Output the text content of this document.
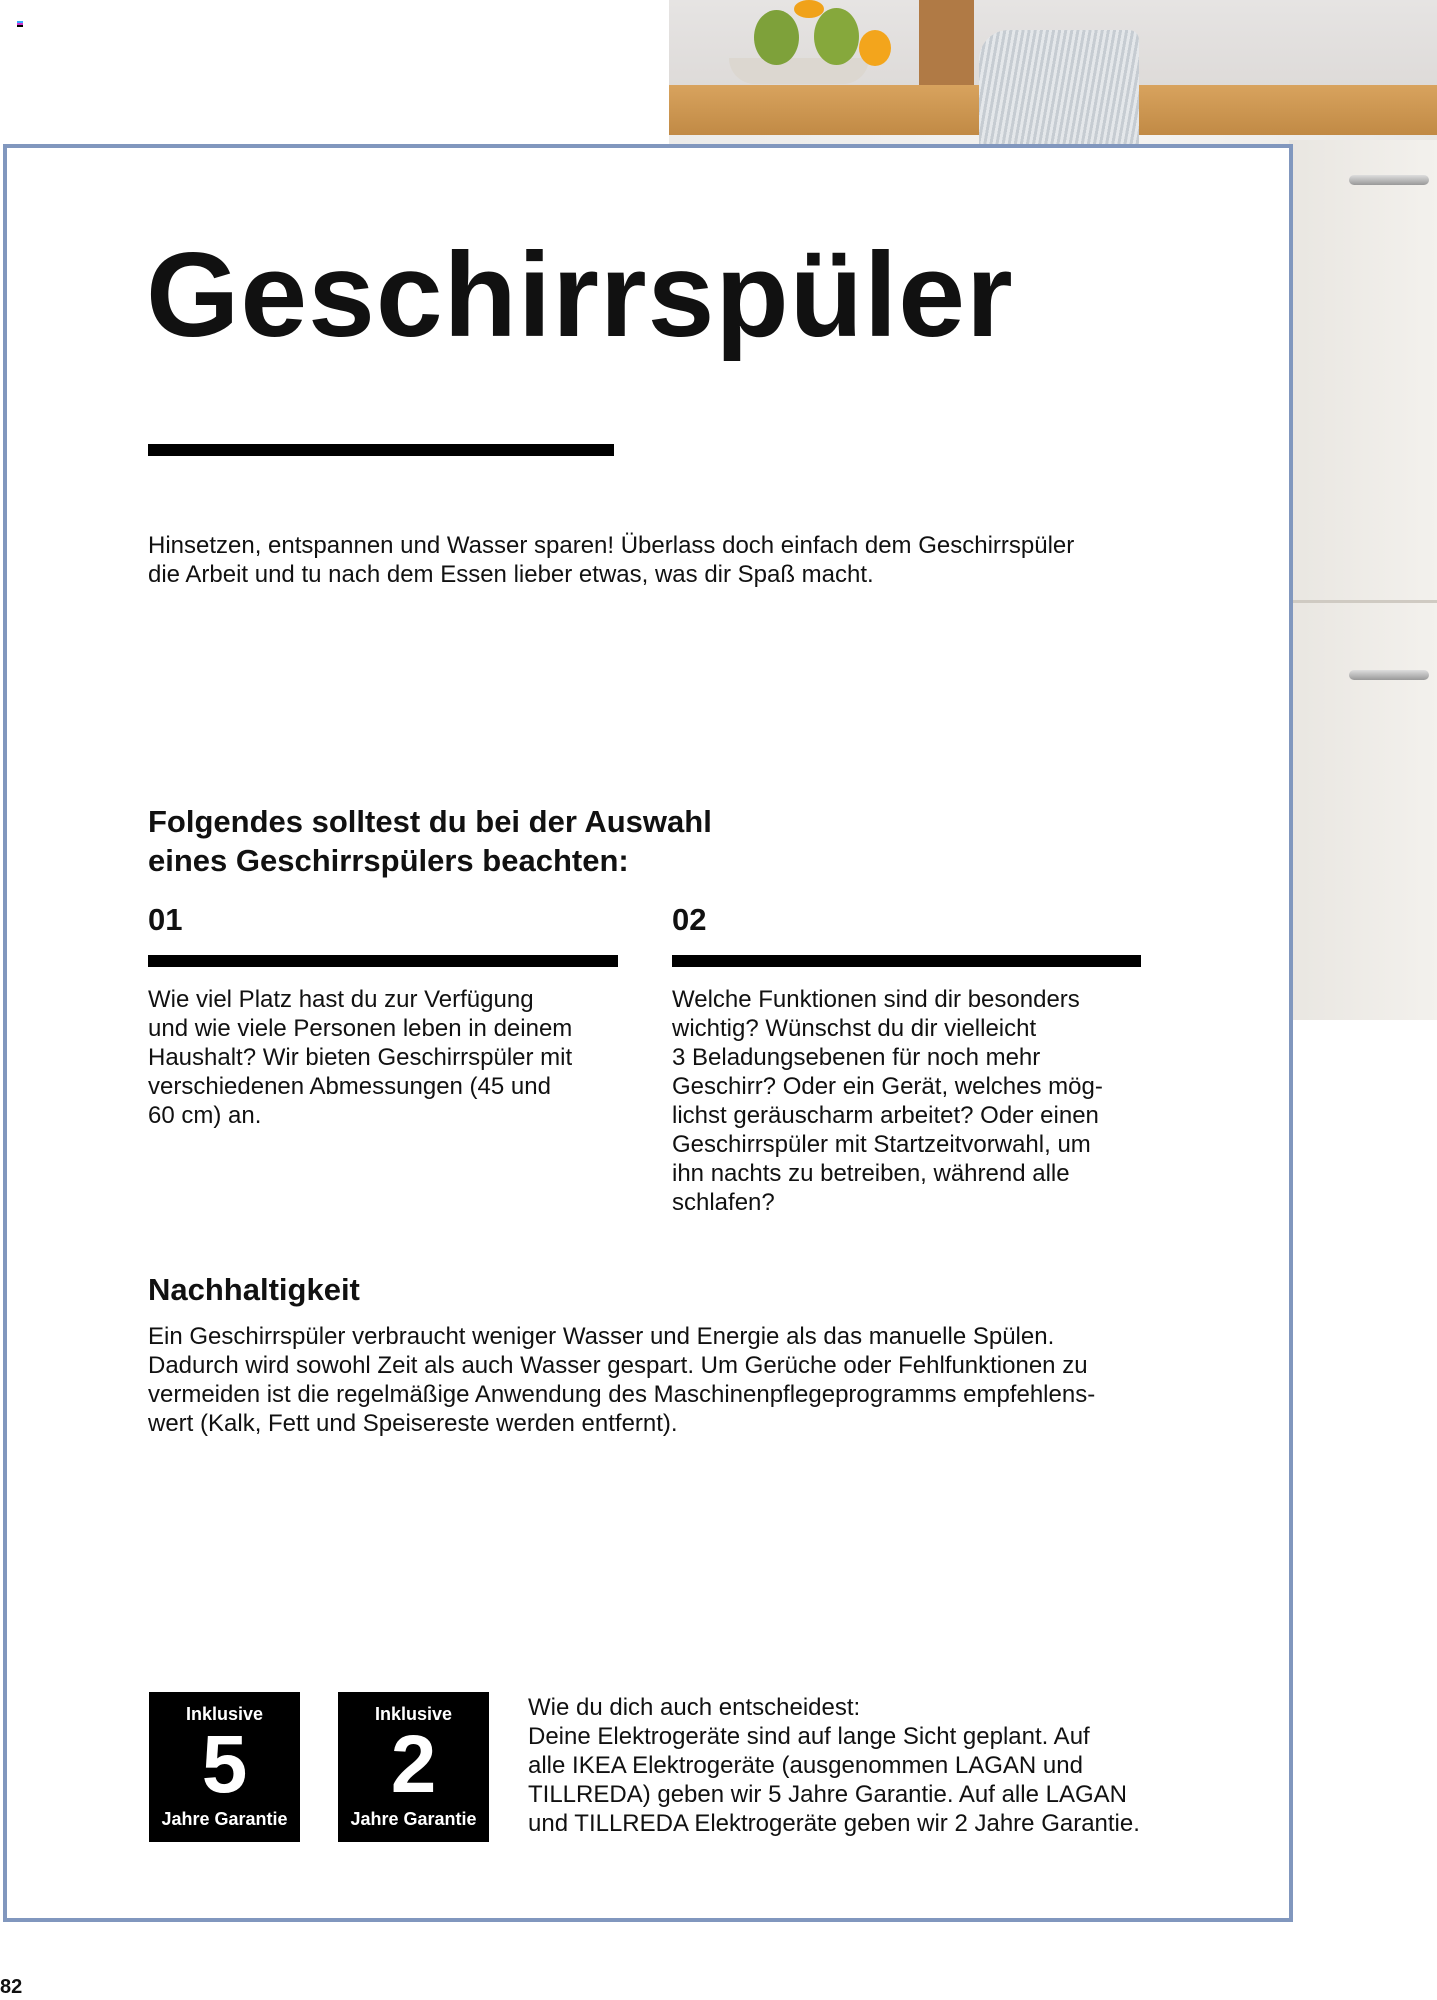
Geschirrspüler
Hinsetzen, entspannen und Wasser sparen! Überlass doch einfach dem Geschirrspüler
die Arbeit und tu nach dem Essen lieber etwas, was dir Spaß macht.
Folgendes solltest du bei der Auswahl
eines Geschirrspülers beachten:
01
Wie viel Platz hast du zur Verfügung
und wie viele Personen leben in deinem
Haushalt? Wir bieten Geschirrspüler mit
verschiedenen Abmessungen (45 und
60 cm) an.
02
Welche Funktionen sind dir besonders
wichtig? Wünschst du dir vielleicht
3 Beladungsebenen für noch mehr
Geschirr? Oder ein Gerät, welches mög-
lichst geräuscharm arbeitet? Oder einen
Geschirrspüler mit Startzeitvorwahl, um
ihn nachts zu betreiben, während alle
schlafen?
Nachhaltigkeit
Ein Geschirrspüler verbraucht weniger Wasser und Energie als das manuelle Spülen.
Dadurch wird sowohl Zeit als auch Wasser gespart. Um Gerüche oder Fehlfunktionen zu
vermeiden ist die regelmäßige Anwendung des Maschinenpflegeprogramms empfehlens-
wert (Kalk, Fett und Speisereste werden entfernt).
Inklusive
5
Jahre Garantie
Inklusive
2
Jahre Garantie
Wie du dich auch entscheidest:
Deine Elektrogeräte sind auf lange Sicht geplant. Auf
alle IKEA Elektrogeräte (ausgenommen LAGAN und
TILLREDA) geben wir 5 Jahre Garantie. Auf alle LAGAN
und TILLREDA Elektrogeräte geben wir 2 Jahre Garantie.
82
